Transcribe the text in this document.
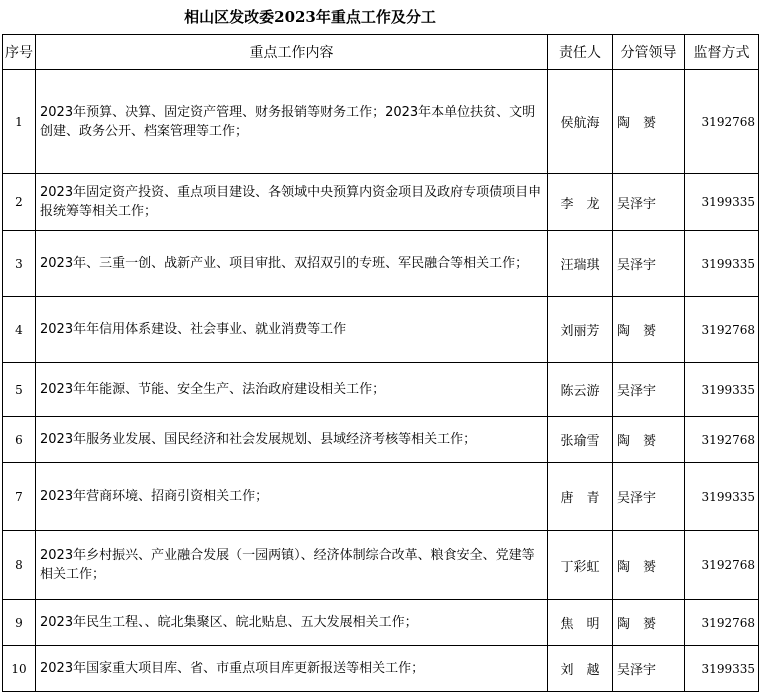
相山区发改委2023年重点工作及分工
序号	重点工作内容	责任人	分管领导	监督方式
1	2023年预算、决算、固定资产管理、财务报销等财务工作；2023年本单位扶贫、文明创建、政务公开、档案管理等工作；	侯航海	陶　赟	3192768
2	2023年固定资产投资、重点项目建设、各领域中央预算内资金项目及政府专项债项目申报统筹等相关工作；	李　龙	吴泽宇	3199335
3	2023年、三重一创、战新产业、项目审批、双招双引的专班、军民融合等相关工作；	汪瑞琪	吴泽宇	3199335
4	2023年年信用体系建设、社会事业、就业消费等工作	刘丽芳	陶　赟	3192768
5	2023年年能源、节能、安全生产、法治政府建设相关工作；	陈云游	吴泽宇	3199335
6	2023年服务业发展、国民经济和社会发展规划、县域经济考核等相关工作；	张瑜雪	陶　赟	3192768
7	2023年营商环境、招商引资相关工作；	唐　青	吴泽宇	3199335
8	2023年乡村振兴、产业融合发展（一园两镇）、经济体制综合改革、粮食安全、党建等相关工作；	丁彩虹	陶　赟	3192768
9	2023年民生工程、、皖北集聚区、皖北贴息、五大发展相关工作；	焦　明	陶　赟	3192768
10	2023年国家重大项目库、省、市重点项目库更新报送等相关工作；	刘　越	吴泽宇	3199335
